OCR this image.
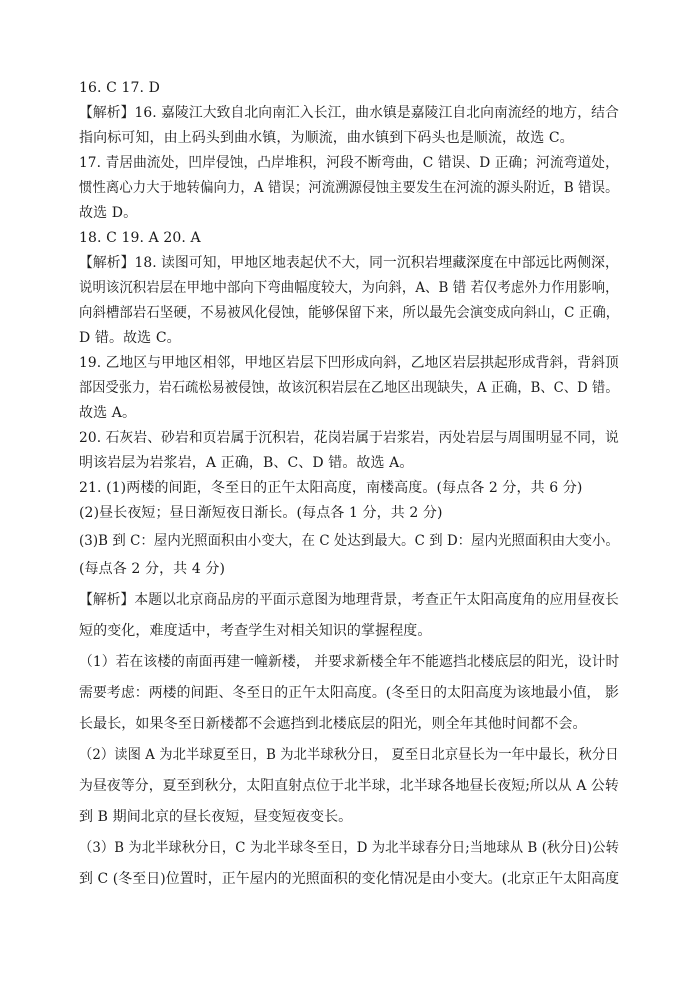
16. C 17. D
【解析】16. 嘉陵江大致自北向南汇入长江，曲水镇是嘉陵江自北向南流经的地方，结合
指向标可知，由上码头到曲水镇，为顺流，曲水镇到下码头也是顺流，故选 C。
17. 青居曲流处，凹岸侵蚀，凸岸堆积，河段不断弯曲，C 错误、D 正确；河流弯道处，
惯性离心力大于地转偏向力，A 错误；河流溯源侵蚀主要发生在河流的源头附近，B 错误。
故选 D。
18. C 19. A 20. A
【解析】18. 读图可知，甲地区地表起伏不大，同一沉积岩埋藏深度在中部远比两侧深，
说明该沉积岩层在甲地中部向下弯曲幅度较大，为向斜，A、B 错 若仅考虑外力作用影响，
向斜槽部岩石坚硬，不易被风化侵蚀，能够保留下来，所以最先会演变成向斜山，C 正确，
D 错。故选 C。
19. 乙地区与甲地区相邻，甲地区岩层下凹形成向斜，乙地区岩层拱起形成背斜，背斜顶
部因受张力，岩石疏松易被侵蚀，故该沉积岩层在乙地区出现缺失，A 正确，B、C、D 错。
故选 A。
20. 石灰岩、砂岩和页岩属于沉积岩，花岗岩属于岩浆岩，丙处岩层与周围明显不同，说
明该岩层为岩浆岩，A 正确，B、C、D 错。故选 A。
21. (1)两楼的间距，冬至日的正午太阳高度，南楼高度。(每点各 2 分，共 6 分)
(2)昼长夜短；昼日渐短夜日渐长。(每点各 1 分，共 2 分)
(3)B 到 C：屋内光照面积由小变大，在 C 处达到最大。C 到 D：屋内光照面积由大变小。
(每点各 2 分，共 4 分)
【解析】本题以北京商品房的平面示意图为地理背景，考查正午太阳高度角的应用昼夜长
短的变化，难度适中，考查学生对相关知识的掌握程度。
（1）若在该楼的南面再建一幢新楼， 并要求新楼全年不能遮挡北楼底层的阳光，设计时
需要考虑：两楼的间距、冬至日的正午太阳高度。(冬至日的太阳高度为该地最小值， 影
长最长，如果冬至日新楼都不会遮挡到北楼底层的阳光，则全年其他时间都不会。
（2）读图 A 为北半球夏至日，B 为北半球秋分日， 夏至日北京昼长为一年中最长，秋分日
为昼夜等分，夏至到秋分，太阳直射点位于北半球，北半球各地昼长夜短;所以从 A 公转
到 B 期间北京的昼长夜短，昼变短夜变长。
（3）B 为北半球秋分日，C 为北半球冬至日，D 为北半球春分日;当地球从 B (秋分日)公转
到 C (冬至日)位置时，正午屋内的光照面积的变化情况是由小变大。(北京正午太阳高度
